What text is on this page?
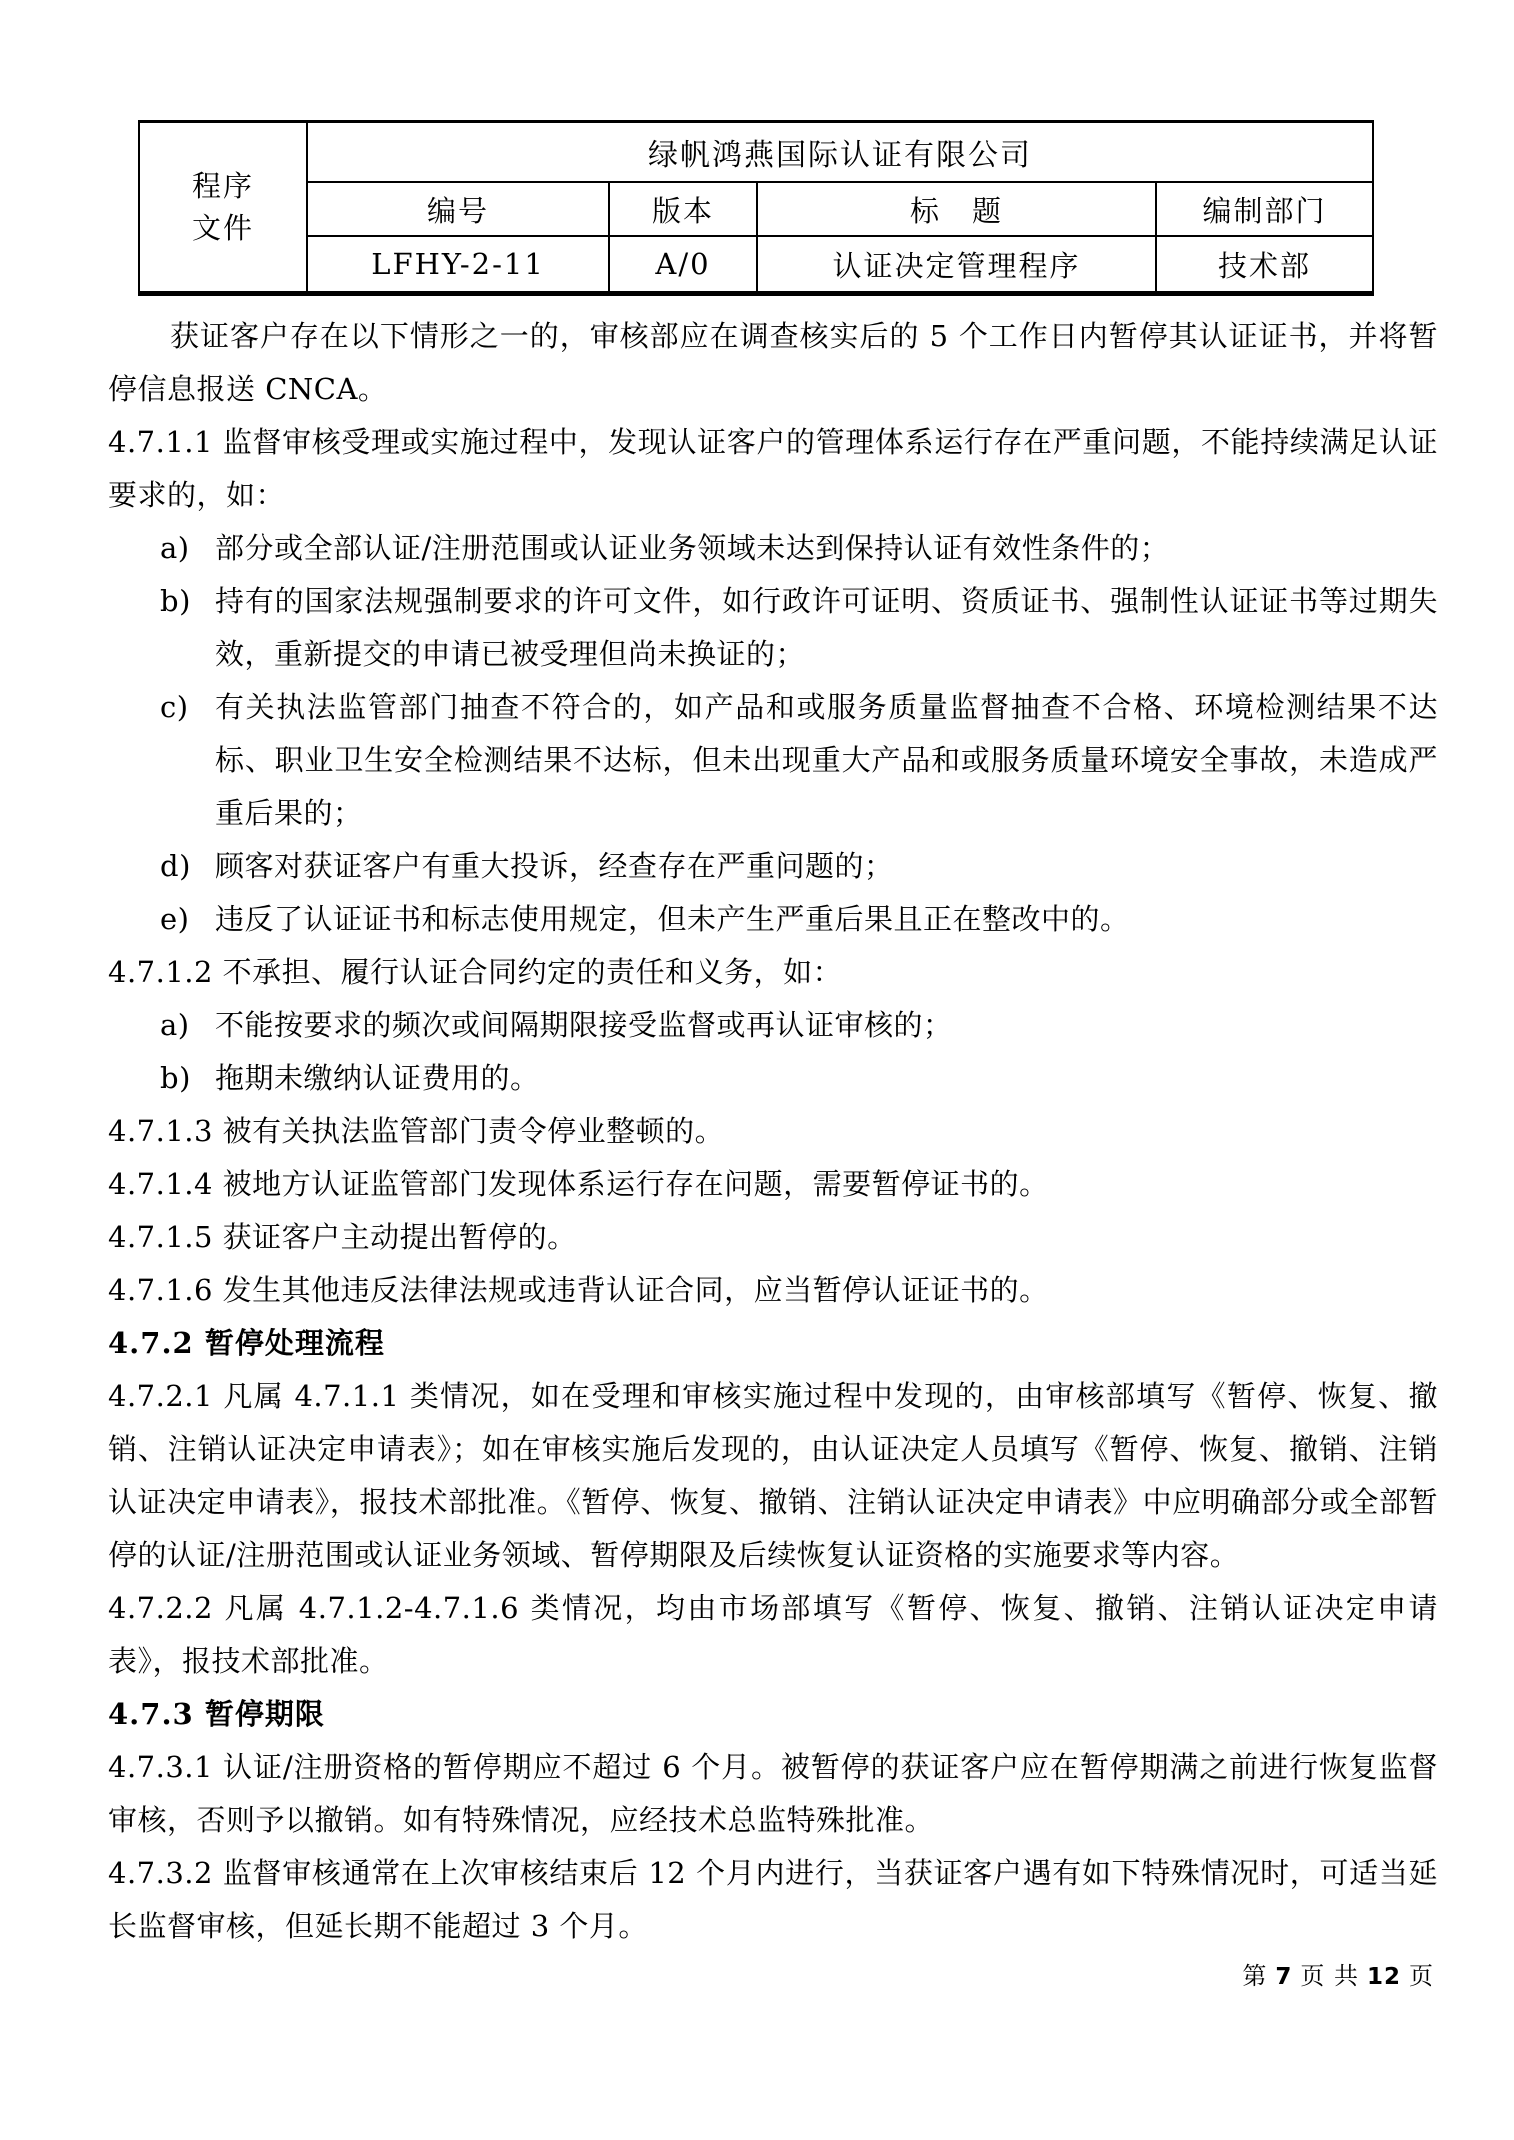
程序
文件	绿帆鸿燕国际认证有限公司			
	编号	版本	标　题	编制部门
	LFHY-2-11	A/0	认证决定管理程序	技术部

获证客户存在以下情形之一的，审核部应在调查核实后的 5 个工作日内暂停其认证证书，并将暂停信息报送 CNCA。

4.7.1.1 监督审核受理或实施过程中，发现认证客户的管理体系运行存在严重问题，不能持续满足认证要求的，如：

a) 部分或全部认证/注册范围或认证业务领域未达到保持认证有效性条件的；
b) 持有的国家法规强制要求的许可文件，如行政许可证明、资质证书、强制性认证证书等过期失效，重新提交的申请已被受理但尚未换证的；
c) 有关执法监管部门抽查不符合的，如产品和或服务质量监督抽查不合格、环境检测结果不达标、职业卫生安全检测结果不达标，但未出现重大产品和或服务质量环境安全事故，未造成严重后果的；
d) 顾客对获证客户有重大投诉，经查存在严重问题的；
e) 违反了认证证书和标志使用规定，但未产生严重后果且正在整改中的。

4.7.1.2 不承担、履行认证合同约定的责任和义务，如：

a) 不能按要求的频次或间隔期限接受监督或再认证审核的；
b) 拖期未缴纳认证费用的。

4.7.1.3 被有关执法监管部门责令停业整顿的。

4.7.1.4 被地方认证监管部门发现体系运行存在问题，需要暂停证书的。

4.7.1.5 获证客户主动提出暂停的。

4.7.1.6 发生其他违反法律法规或违背认证合同，应当暂停认证证书的。

4.7.2 暂停处理流程

4.7.2.1 凡属 4.7.1.1 类情况，如在受理和审核实施过程中发现的，由审核部填写《暂停、恢复、撤销、注销认证决定申请表》；如在审核实施后发现的，由认证决定人员填写《暂停、恢复、撤销、注销认证决定申请表》，报技术部批准。《暂停、恢复、撤销、注销认证决定申请表》中应明确部分或全部暂停的认证/注册范围或认证业务领域、暂停期限及后续恢复认证资格的实施要求等内容。

4.7.2.2 凡属 4.7.1.2-4.7.1.6 类情况，均由市场部填写《暂停、恢复、撤销、注销认证决定申请表》，报技术部批准。

4.7.3 暂停期限

4.7.3.1 认证/注册资格的暂停期应不超过 6 个月。被暂停的获证客户应在暂停期满之前进行恢复监督审核，否则予以撤销。如有特殊情况，应经技术总监特殊批准。

4.7.3.2 监督审核通常在上次审核结束后 12 个月内进行，当获证客户遇有如下特殊情况时，可适当延长监督审核，但延长期不能超过 3 个月。

第 7 页 共 12 页
